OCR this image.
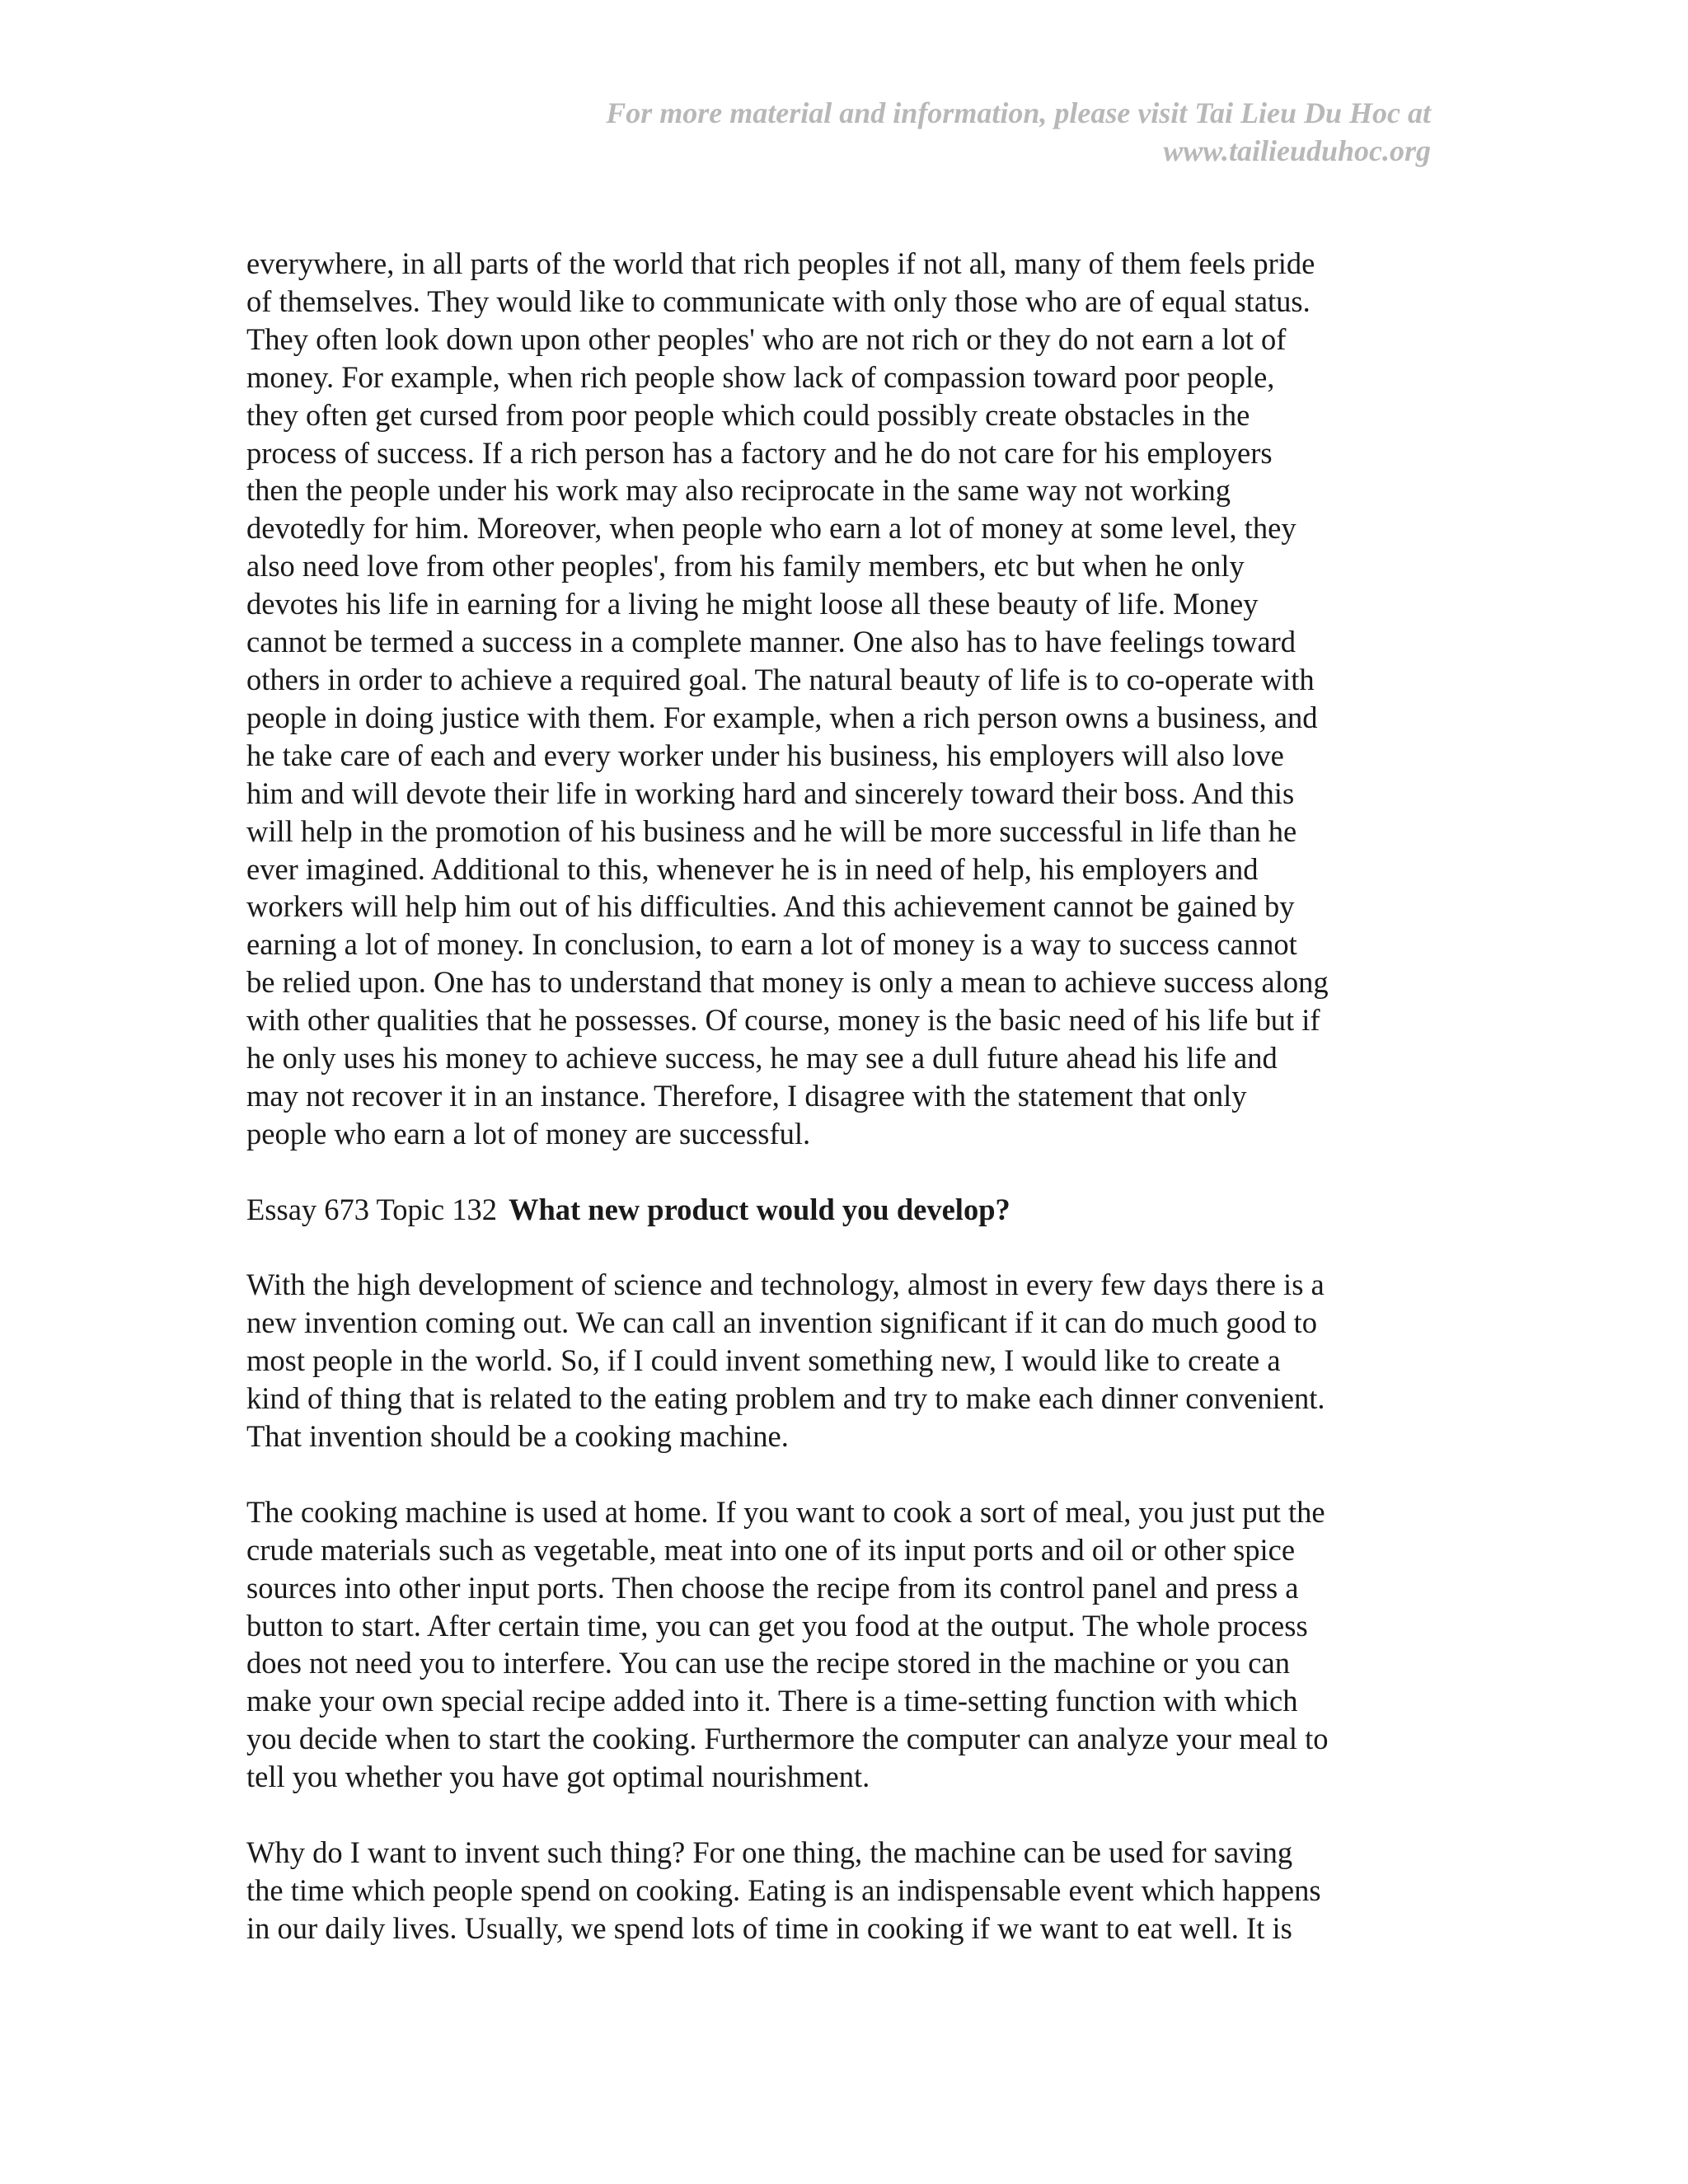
For more material and information, please visit Tai Lieu Du Hoc at
www.tailieuduhoc.org

everywhere, in all parts of the world that rich peoples if not all, many of them feels pride

of themselves. They would like to communicate with only those who are of equal status.

They often look down upon other peoples' who are not rich or they do not earn a lot of

money. For example, when rich people show lack of compassion toward poor people,

they often get cursed from poor people which could possibly create obstacles in the

process of success. If a rich person has a factory and he do not care for his employers

then the people under his work may also reciprocate in the same way not working

devotedly for him. Moreover, when people who earn a lot of money at some level, they

also need love from other peoples', from his family members, etc but when he only

devotes his life in earning for a living he might loose all these beauty of life. Money

cannot be termed a success in a complete manner. One also has to have feelings toward

others in order to achieve a required goal. The natural beauty of life is to co-operate with

people in doing justice with them. For example, when a rich person owns a business, and

he take care of each and every worker under his business, his employers will also love

him and will devote their life in working hard and sincerely toward their boss. And this

will help in the promotion of his business and he will be more successful in life than he

ever imagined. Additional to this, whenever he is in need of help, his employers and

workers will help him out of his difficulties. And this achievement cannot be gained by

earning a lot of money. In conclusion, to earn a lot of money is a way to success cannot

be relied upon. One has to understand that money is only a mean to achieve success along

with other qualities that he possesses. Of course, money is the basic need of his life but if

he only uses his money to achieve success, he may see a dull future ahead his life and

may not recover it in an instance. Therefore, I disagree with the statement that only

people who earn a lot of money are successful.

Essay 673 Topic 132 What new product would you develop?

With the high development of science and technology, almost in every few days there is a

new invention coming out. We can call an invention significant if it can do much good to

most people in the world. So, if I could invent something new, I would like to create a

kind of thing that is related to the eating problem and try to make each dinner convenient.

That invention should be a cooking machine.

The cooking machine is used at home. If you want to cook a sort of meal, you just put the

crude materials such as vegetable, meat into one of its input ports and oil or other spice

sources into other input ports. Then choose the recipe from its control panel and press a

button to start. After certain time, you can get you food at the output. The whole process

does not need you to interfere. You can use the recipe stored in the machine or you can

make your own special recipe added into it. There is a time-setting function with which

you decide when to start the cooking. Furthermore the computer can analyze your meal to

tell you whether you have got optimal nourishment.

Why do I want to invent such thing? For one thing, the machine can be used for saving

the time which people spend on cooking. Eating is an indispensable event which happens

in our daily lives. Usually, we spend lots of time in cooking if we want to eat well. It is
